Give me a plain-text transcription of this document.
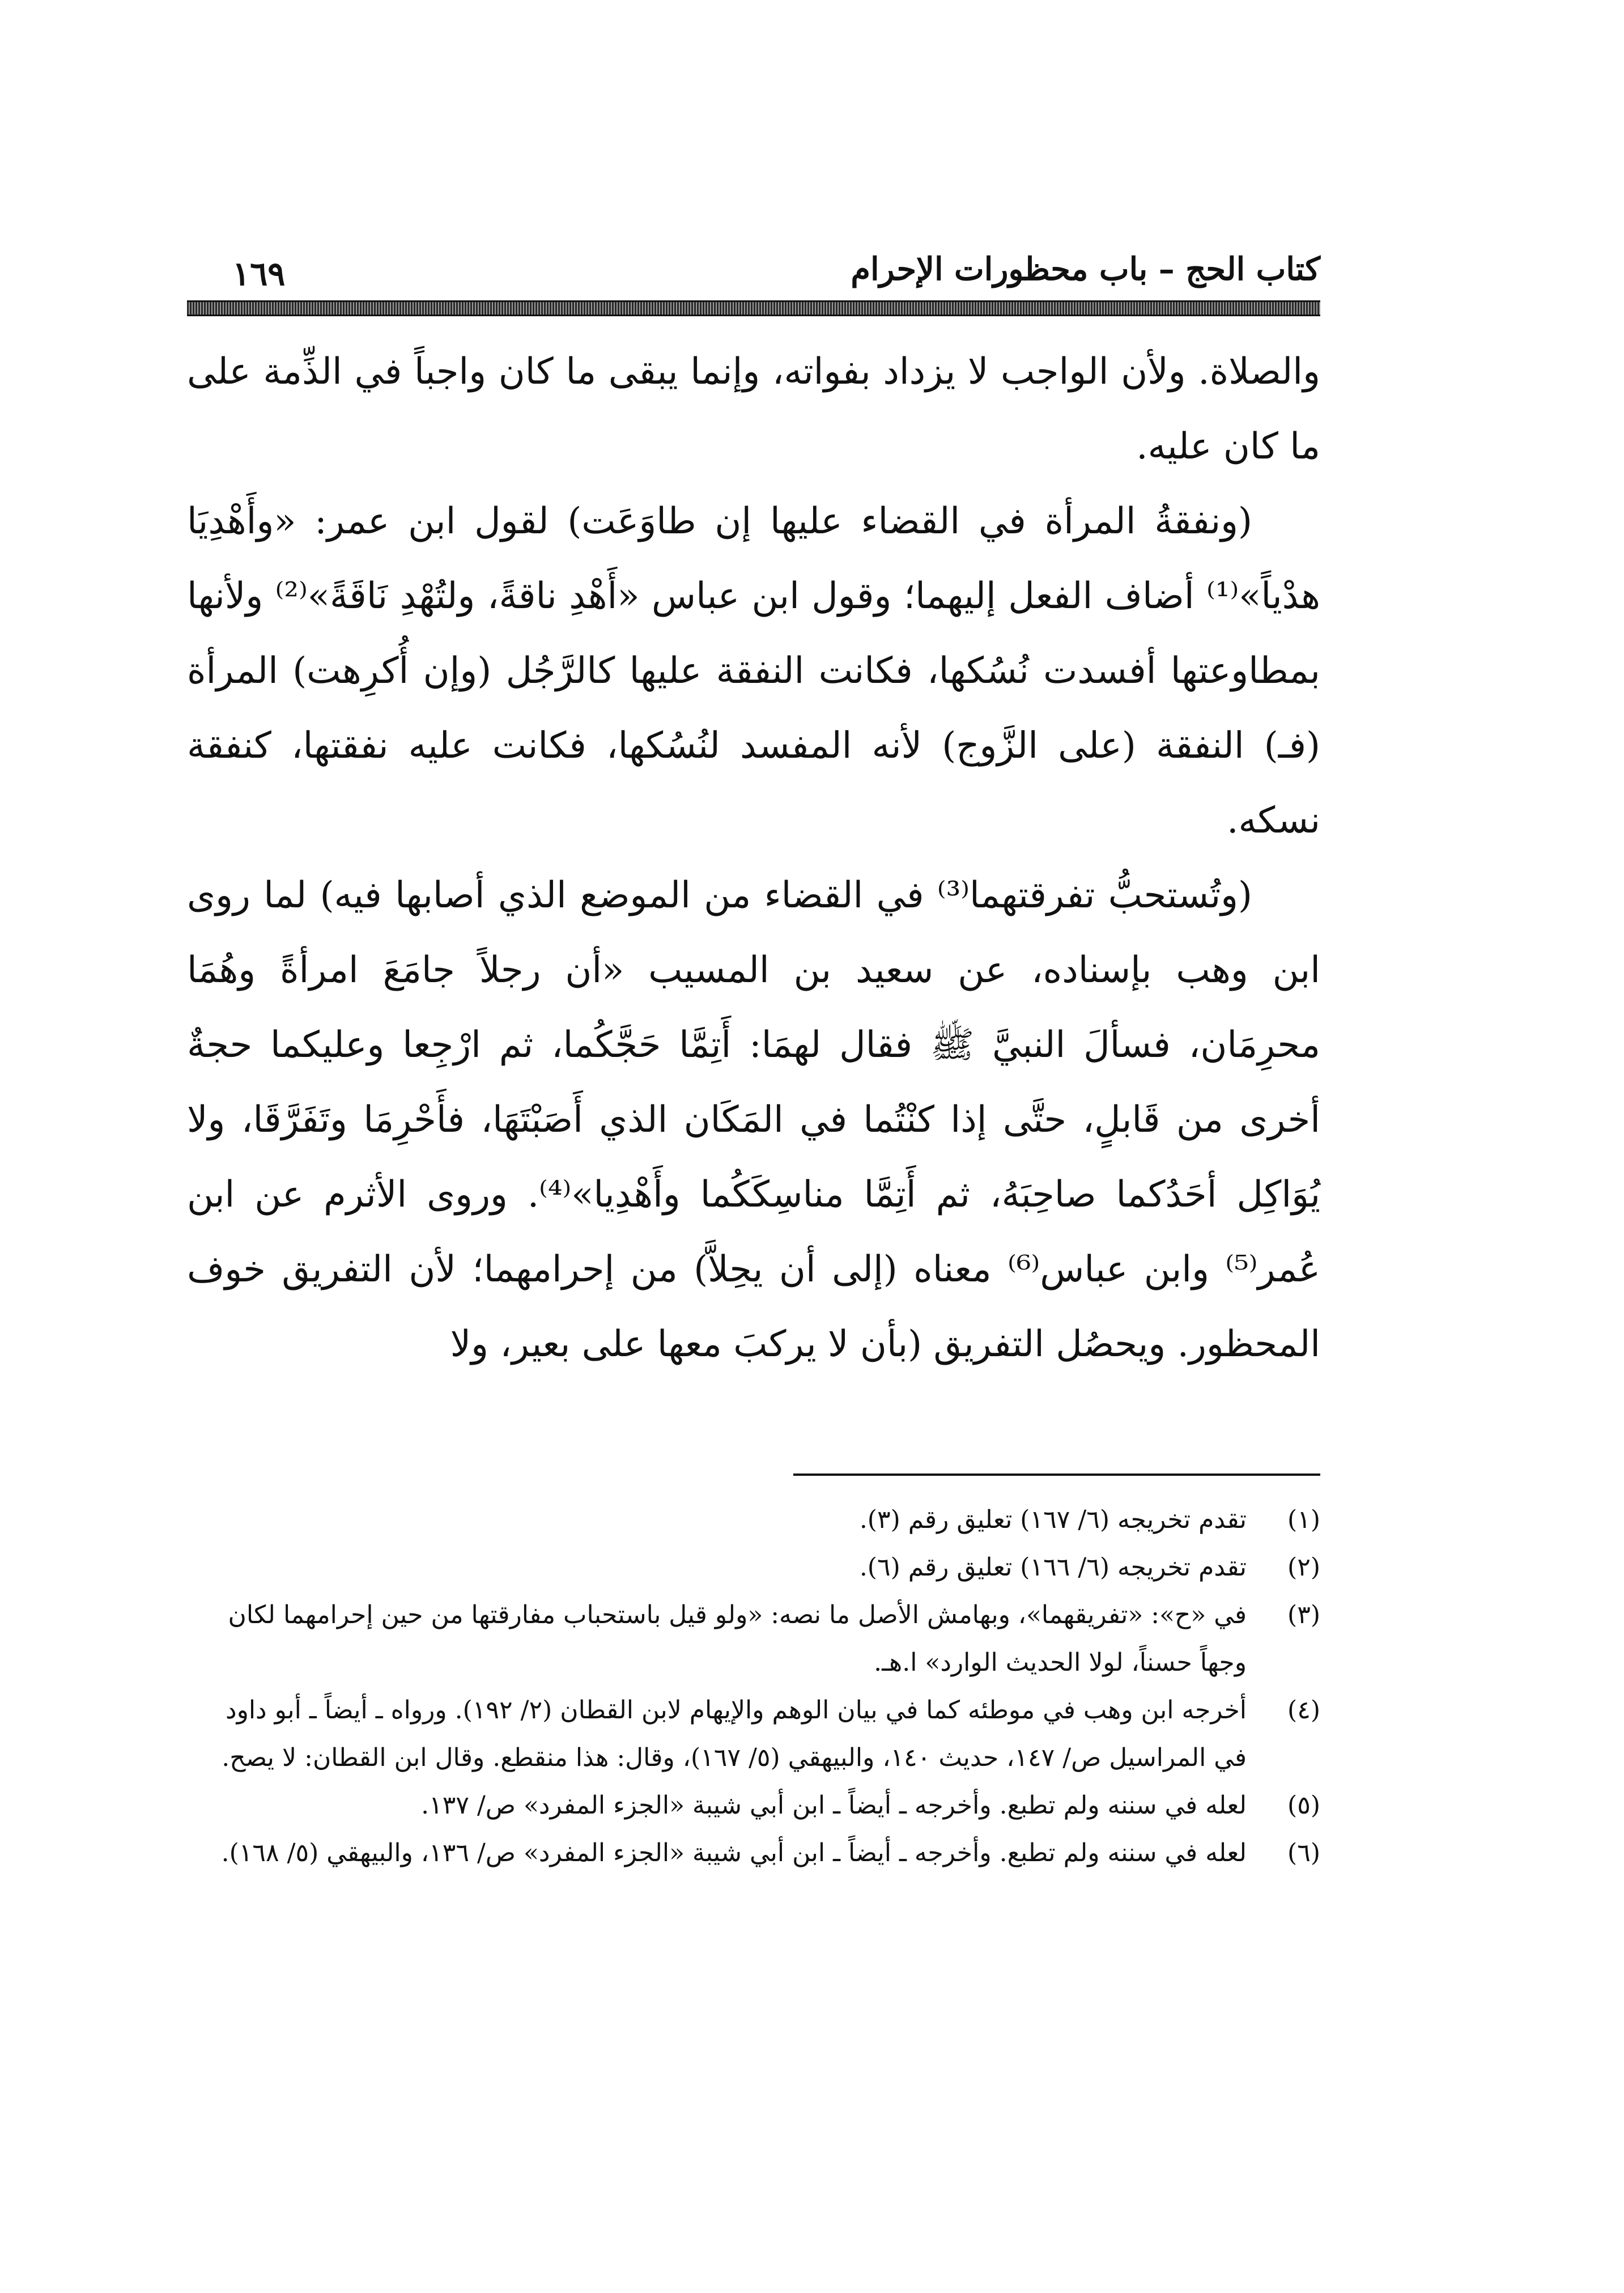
كتاب الحج – باب محظورات الإحرام
١٦٩

والصلاة. ولأن الواجب لا يزداد بفواته، وإنما يبقى ما كان واجباً في الذِّمة على ما كان عليه.

(ونفقةُ المرأة في القضاء عليها إن طاوَعَت) لقول ابن عمر: «وأَهْدِيَا هدْياً»⁽¹⁾ أضاف الفعل إليهما؛ وقول ابن عباس «أَهْدِ ناقةً، ولتُهْدِ نَاقَةً»⁽²⁾ ولأنها بمطاوعتها أفسدت نُسُكها، فكانت النفقة عليها كالرَّجُل (وإن أُكرِهت) المرأة (فـ) النفقة (على الزَّوج) لأنه المفسد لنُسُكها، فكانت عليه نفقتها، كنفقة نسكه.

(وتُستحبُّ تفرقتهما⁽³⁾ في القضاء من الموضع الذي أصابها فيه) لما روى ابن وهب بإسناده، عن سعيد بن المسيب «أن رجلاً جامَعَ امرأةً وهُمَا محرِمَان، فسألَ النبيَّ ﷺ فقال لهمَا: أَتِمَّا حَجَّكُما، ثم ارْجِعا وعليكما حجةٌ أخرى من قَابلٍ، حتَّى إذا كنْتُما في المَكَان الذي أَصَبْتَهَا، فأَحْرِمَا وتَفَرَّقَا، ولا يُوَاكِل أحَدُكما صاحِبَهُ، ثم أَتِمَّا مناسِكَكُما وأَهْدِيا»⁽⁴⁾. وروى الأثرم عن ابن عُمر⁽⁵⁾ وابن عباس⁽⁶⁾ معناه (إلى أن يحِلاَّ) من إحرامهما؛ لأن التفريق خوف المحظور. ويحصُل التفريق (بأن لا يركبَ معها على بعير، ولا

(١)
تقدم تخريجه (٦/ ١٦٧) تعليق رقم (٣).
(٢)
تقدم تخريجه (٦/ ١٦٦) تعليق رقم (٦).
(٣)
في «ح»: «تفريقهما»، وبهامش الأصل ما نصه: «ولو قيل باستحباب مفارقتها من حين إحرامهما لكان وجهاً حسناً، لولا الحديث الوارد» ا.هـ.
(٤)
أخرجه ابن وهب في موطئه كما في بيان الوهم والإيهام لابن القطان (٢/ ١٩٢). ورواه ـ أيضاً ـ أبو داود في المراسيل ص/ ١٤٧، حديث ١٤٠، والبيهقي (٥/ ١٦٧)، وقال: هذا منقطع. وقال ابن القطان: لا يصح.
(٥)
لعله في سننه ولم تطبع. وأخرجه ـ أيضاً ـ ابن أبي شيبة «الجزء المفرد» ص/ ١٣٧.
(٦)
لعله في سننه ولم تطبع. وأخرجه ـ أيضاً ـ ابن أبي شيبة «الجزء المفرد» ص/ ١٣٦، والبيهقي (٥/ ١٦٨).
